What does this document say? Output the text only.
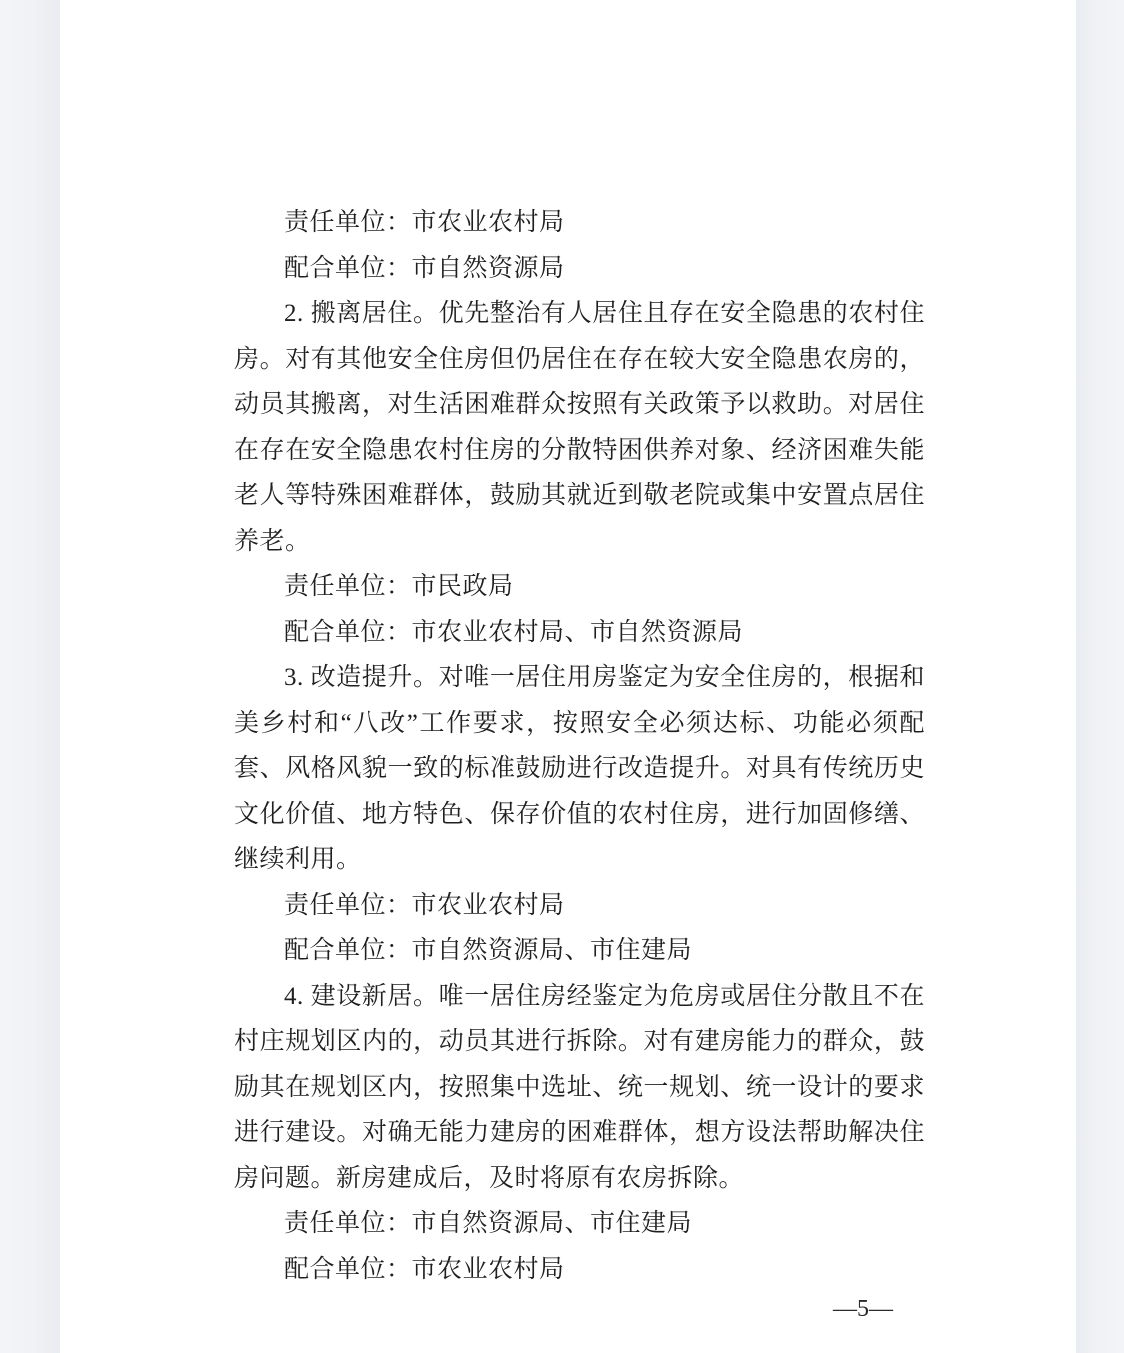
责任单位：市农业农村局

配合单位：市自然资源局

2. 搬离居住。优先整治有人居住且存在安全隐患的农村住房。对有其他安全住房但仍居住在存在较大安全隐患农房的，动员其搬离，对生活困难群众按照有关政策予以救助。对居住在存在安全隐患农村住房的分散特困供养对象、经济困难失能老人等特殊困难群体，鼓励其就近到敬老院或集中安置点居住养老。

责任单位：市民政局

配合单位：市农业农村局、市自然资源局

3. 改造提升。对唯一居住用房鉴定为安全住房的，根据和美乡村和“八改”工作要求，按照安全必须达标、功能必须配套、风格风貌一致的标准鼓励进行改造提升。对具有传统历史文化价值、地方特色、保存价值的农村住房，进行加固修缮、继续利用。

责任单位：市农业农村局

配合单位：市自然资源局、市住建局

4. 建设新居。唯一居住房经鉴定为危房或居住分散且不在村庄规划区内的，动员其进行拆除。对有建房能力的群众，鼓励其在规划区内，按照集中选址、统一规划、统一设计的要求进行建设。对确无能力建房的困难群体，想方设法帮助解决住房问题。新房建成后，及时将原有农房拆除。

责任单位：市自然资源局、市住建局

配合单位：市农业农村局

—5—
